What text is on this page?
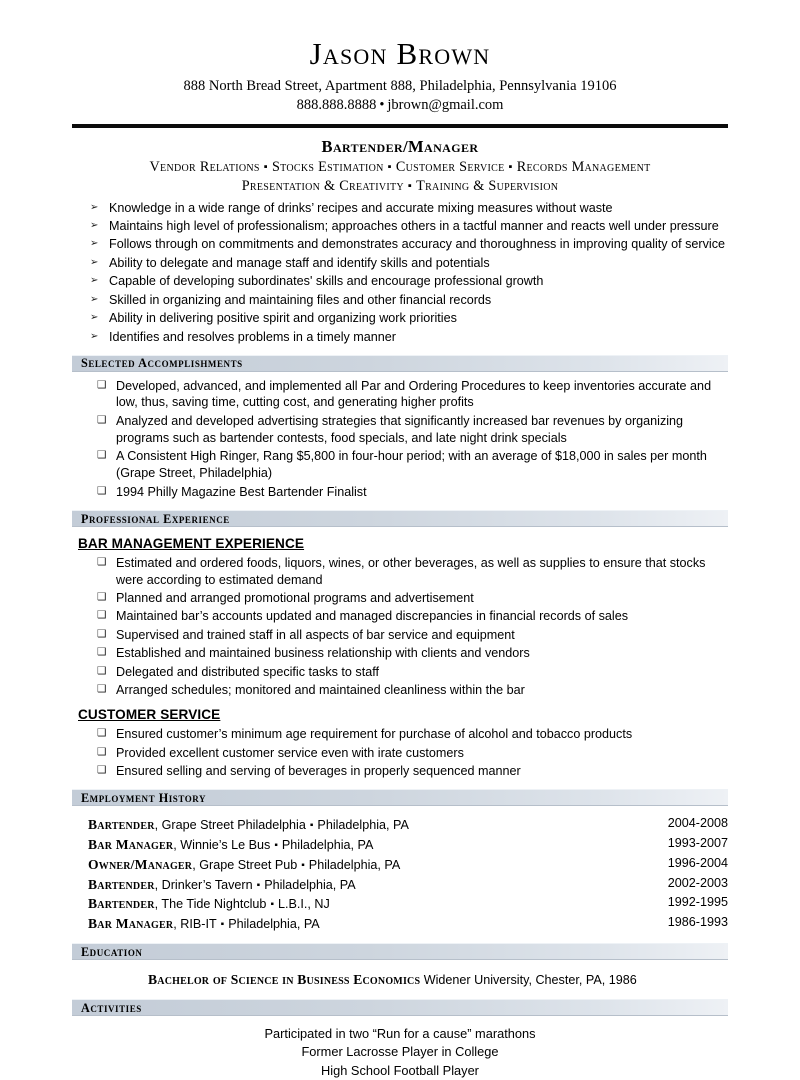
Jason Brown
888 North Bread Street, Apartment 888, Philadelphia, Pennsylvania 19106
888.888.8888 • jbrown@gmail.com
Bartender/Manager
Vendor Relations ▪ Stocks Estimation ▪ Customer Service ▪ Records Management
Presentation & Creativity ▪ Training & Supervision
➢ Knowledge in a wide range of drinks’ recipes and accurate mixing measures without waste
➢ Maintains high level of professionalism; approaches others in a tactful manner and reacts well under pressure
➢ Follows through on commitments and demonstrates accuracy and thoroughness in improving quality of service
➢ Ability to delegate and manage staff and identify skills and potentials
➢ Capable of developing subordinates' skills and encourage professional growth
➢ Skilled in organizing and maintaining files and other financial records
➢ Ability in delivering positive spirit and organizing work priorities
➢ Identifies and resolves problems in a timely manner
Selected Accomplishments
❑ Developed, advanced, and implemented all Par and Ordering Procedures to keep inventories accurate and low, thus, saving time, cutting cost, and generating higher profits
❑ Analyzed and developed advertising strategies that significantly increased bar revenues by organizing programs such as bartender contests, food specials, and late night drink specials
❑ A Consistent High Ringer, Rang $5,800 in four-hour period; with an average of $18,000 in sales per month (Grape Street, Philadelphia)
❑ 1994 Philly Magazine Best Bartender Finalist
Professional Experience
BAR MANAGEMENT EXPERIENCE
❑ Estimated and ordered foods, liquors, wines, or other beverages, as well as supplies to ensure that stocks were according to estimated demand
❑ Planned and arranged promotional programs and advertisement
❑ Maintained bar’s accounts updated and managed discrepancies in financial records of sales
❑ Supervised and trained staff in all aspects of bar service and equipment
❑ Established and maintained business relationship with clients and vendors
❑ Delegated and distributed specific tasks to staff
❑ Arranged schedules; monitored and maintained cleanliness within the bar
CUSTOMER SERVICE
❑ Ensured customer’s minimum age requirement for purchase of alcohol and tobacco products
❑ Provided excellent customer service even with irate customers
❑ Ensured selling and serving of beverages in properly sequenced manner
Employment History
Bartender, Grape Street Philadelphia ▪ Philadelphia, PA	2004-2008
Bar Manager, Winnie’s Le Bus ▪ Philadelphia, PA	1993-2007
Owner/Manager, Grape Street Pub ▪ Philadelphia, PA	1996-2004
Bartender, Drinker’s Tavern ▪ Philadelphia, PA	2002-2003
Bartender, The Tide Nightclub ▪ L.B.I., NJ	1992-1995
Bar Manager, RIB-IT ▪ Philadelphia, PA	1986-1993
Education
Bachelor of Science in Business Economics Widener University, Chester, PA, 1986
Activities
Participated in two “Run for a cause” marathons
Former Lacrosse Player in College
High School Football Player
